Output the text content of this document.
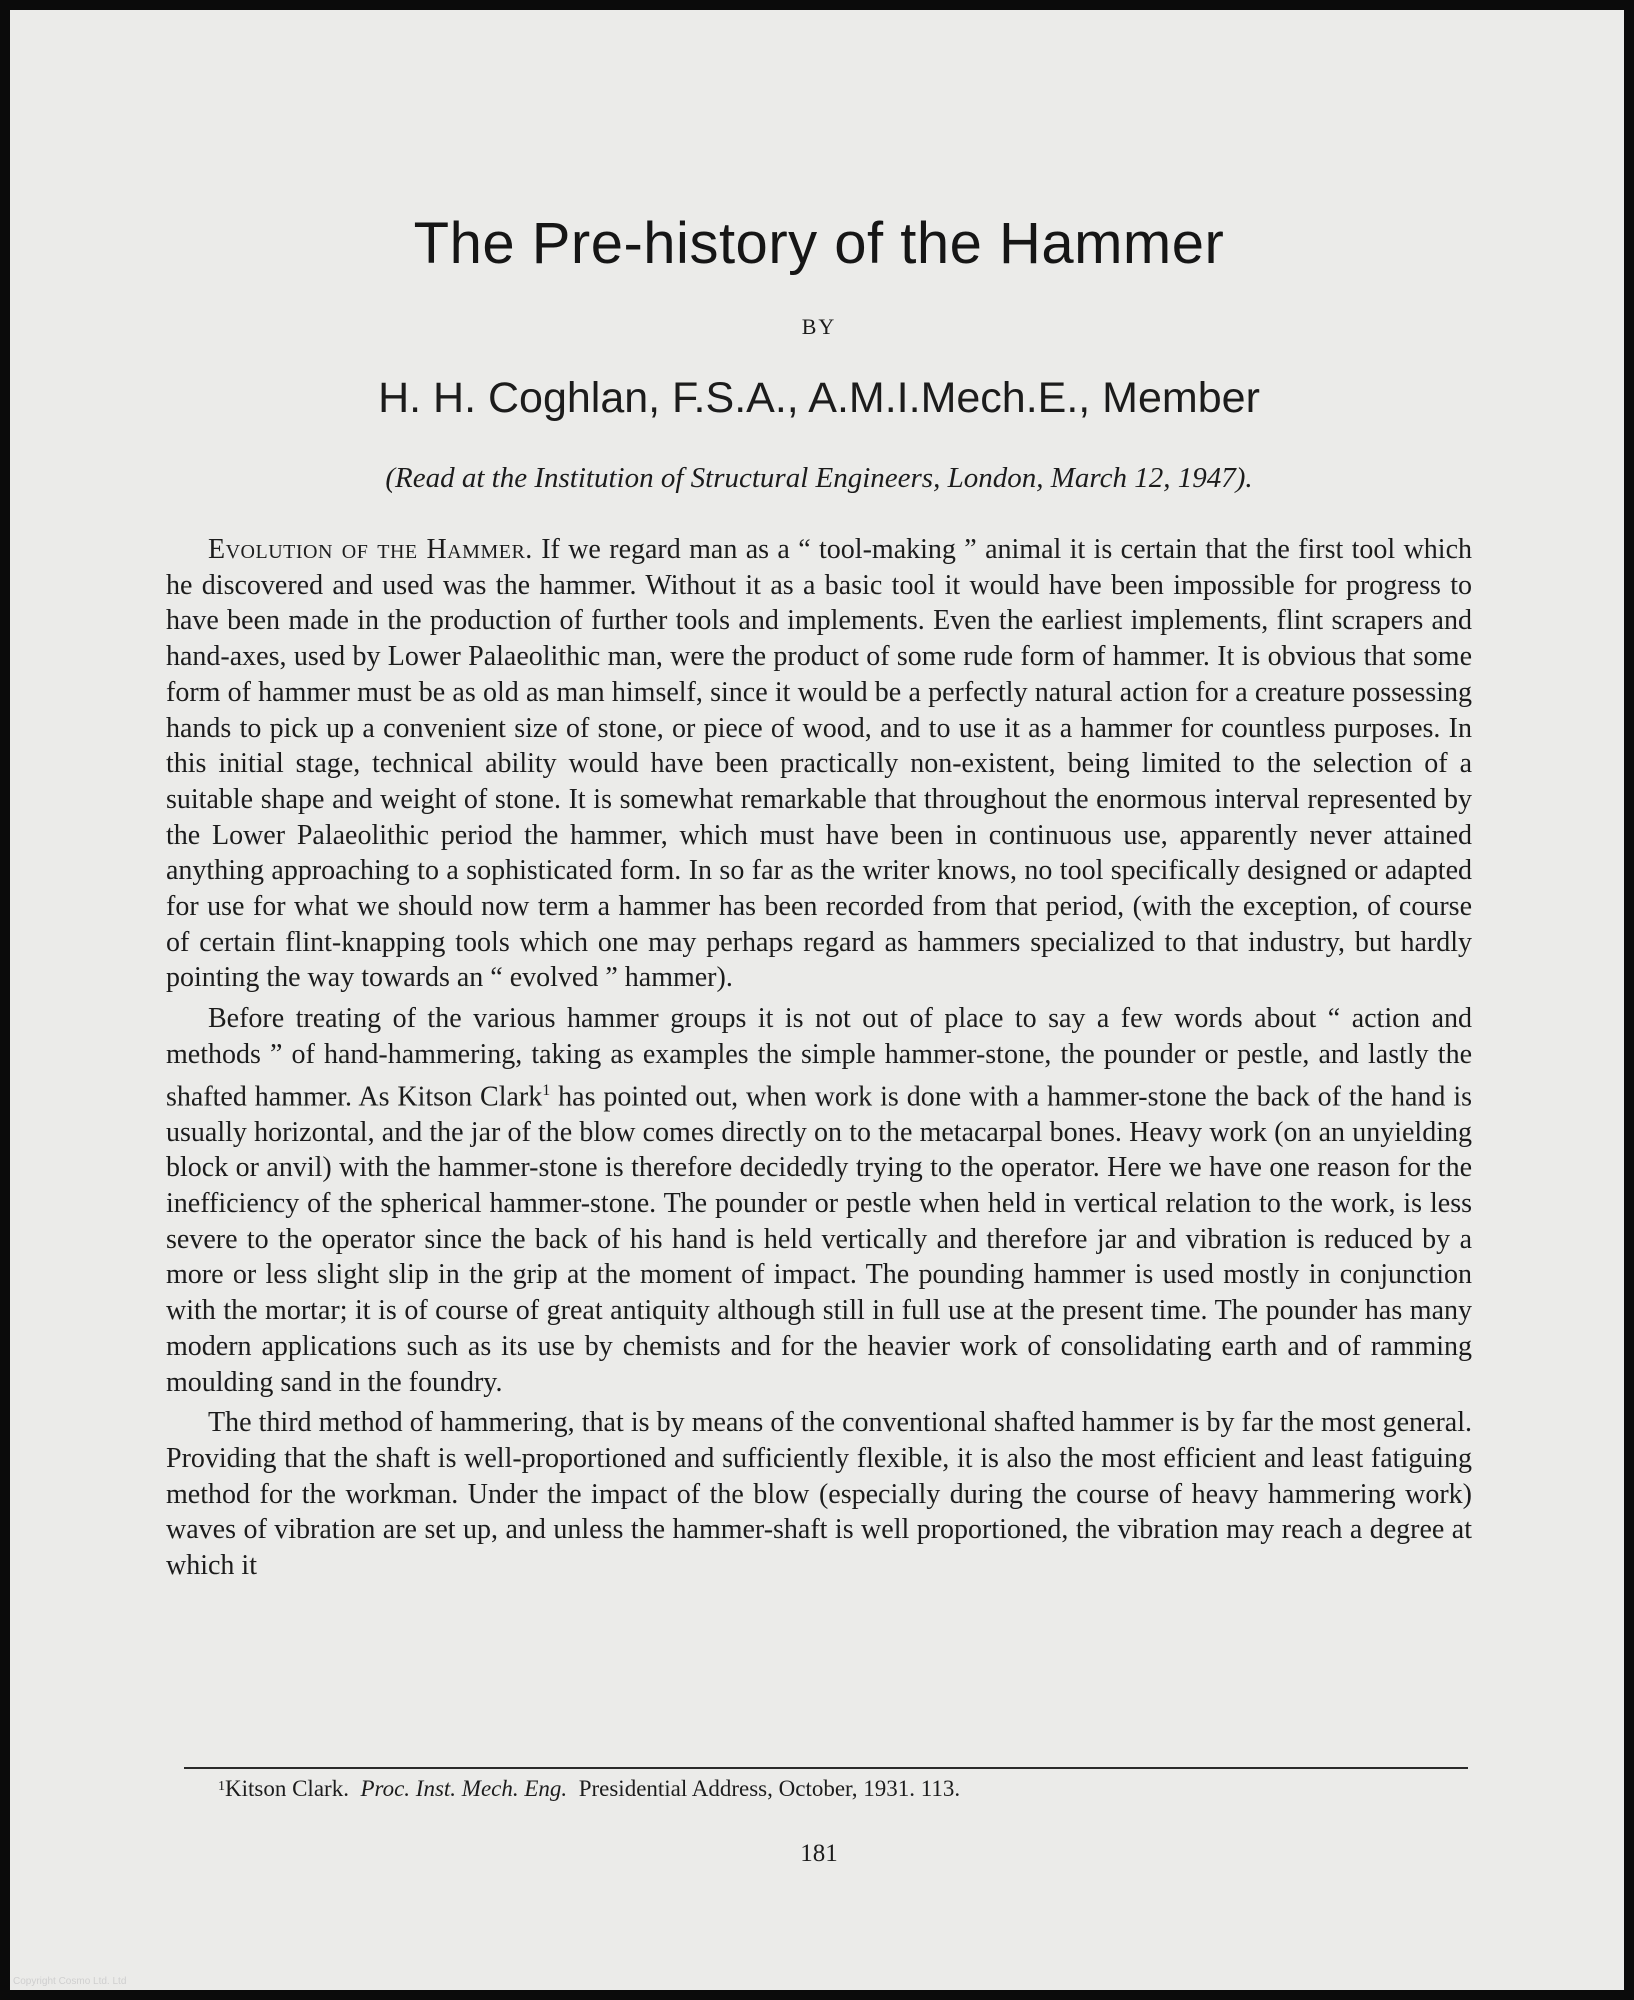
The Pre-history of the Hammer
BY
H. H. Coghlan, F.S.A., A.M.I.Mech.E., Member
(Read at the Institution of Structural Engineers, London, March 12, 1947).

Evolution of the Hammer. If we regard man as a “ tool-making ” animal it is certain that the first tool which he discovered and used was the hammer. Without it as a basic tool it would have been impossible for progress to have been made in the production of further tools and implements. Even the earliest implements, flint scrapers and hand-axes, used by Lower Palaeolithic man, were the product of some rude form of hammer. It is obvious that some form of hammer must be as old as man himself, since it would be a perfectly natural action for a creature possessing hands to pick up a convenient size of stone, or piece of wood, and to use it as a hammer for countless purposes. In this initial stage, technical ability would have been practically non-existent, being limited to the selection of a suitable shape and weight of stone. It is somewhat remarkable that throughout the enormous interval represented by the Lower Palaeolithic period the hammer, which must have been in continuous use, apparently never attained anything approaching to a sophisticated form. In so far as the writer knows, no tool specifically designed or adapted for use for what we should now term a hammer has been recorded from that period, (with the exception, of course of certain flint-knapping tools which one may perhaps regard as hammers specialized to that industry, but hardly pointing the way towards an “ evolved ” hammer).

Before treating of the various hammer groups it is not out of place to say a few words about “ action and methods ” of hand-hammering, taking as examples the simple hammer-stone, the pounder or pestle, and lastly the shafted hammer. As Kitson Clark$^1$ has pointed out, when work is done with a hammer-stone the back of the hand is usually horizontal, and the jar of the blow comes directly on to the metacarpal bones. Heavy work (on an unyielding block or anvil) with the hammer-stone is therefore decidedly trying to the operator. Here we have one reason for the inefficiency of the spherical hammer-stone. The pounder or pestle when held in vertical relation to the work, is less severe to the operator since the back of his hand is held vertically and therefore jar and vibration is reduced by a more or less slight slip in the grip at the moment of impact. The pounding hammer is used mostly in conjunction with the mortar; it is of course of great antiquity although still in full use at the present time. The pounder has many modern applications such as its use by chemists and for the heavier work of consolidating earth and of ramming moulding sand in the foundry.

The third method of hammering, that is by means of the conventional shafted hammer is by far the most general. Providing that the shaft is well-proportioned and sufficiently flexible, it is also the most efficient and least fatiguing method for the workman. Under the impact of the blow (especially during the course of heavy hammering work) waves of vibration are set up, and unless the hammer-shaft is well proportioned, the vibration may reach a degree at which it

$^1$Kitson Clark. Proc. Inst. Mech. Eng. Presidential Address, October, 1931. 113.
181
Copyright Cosmo Ltd. Ltd
